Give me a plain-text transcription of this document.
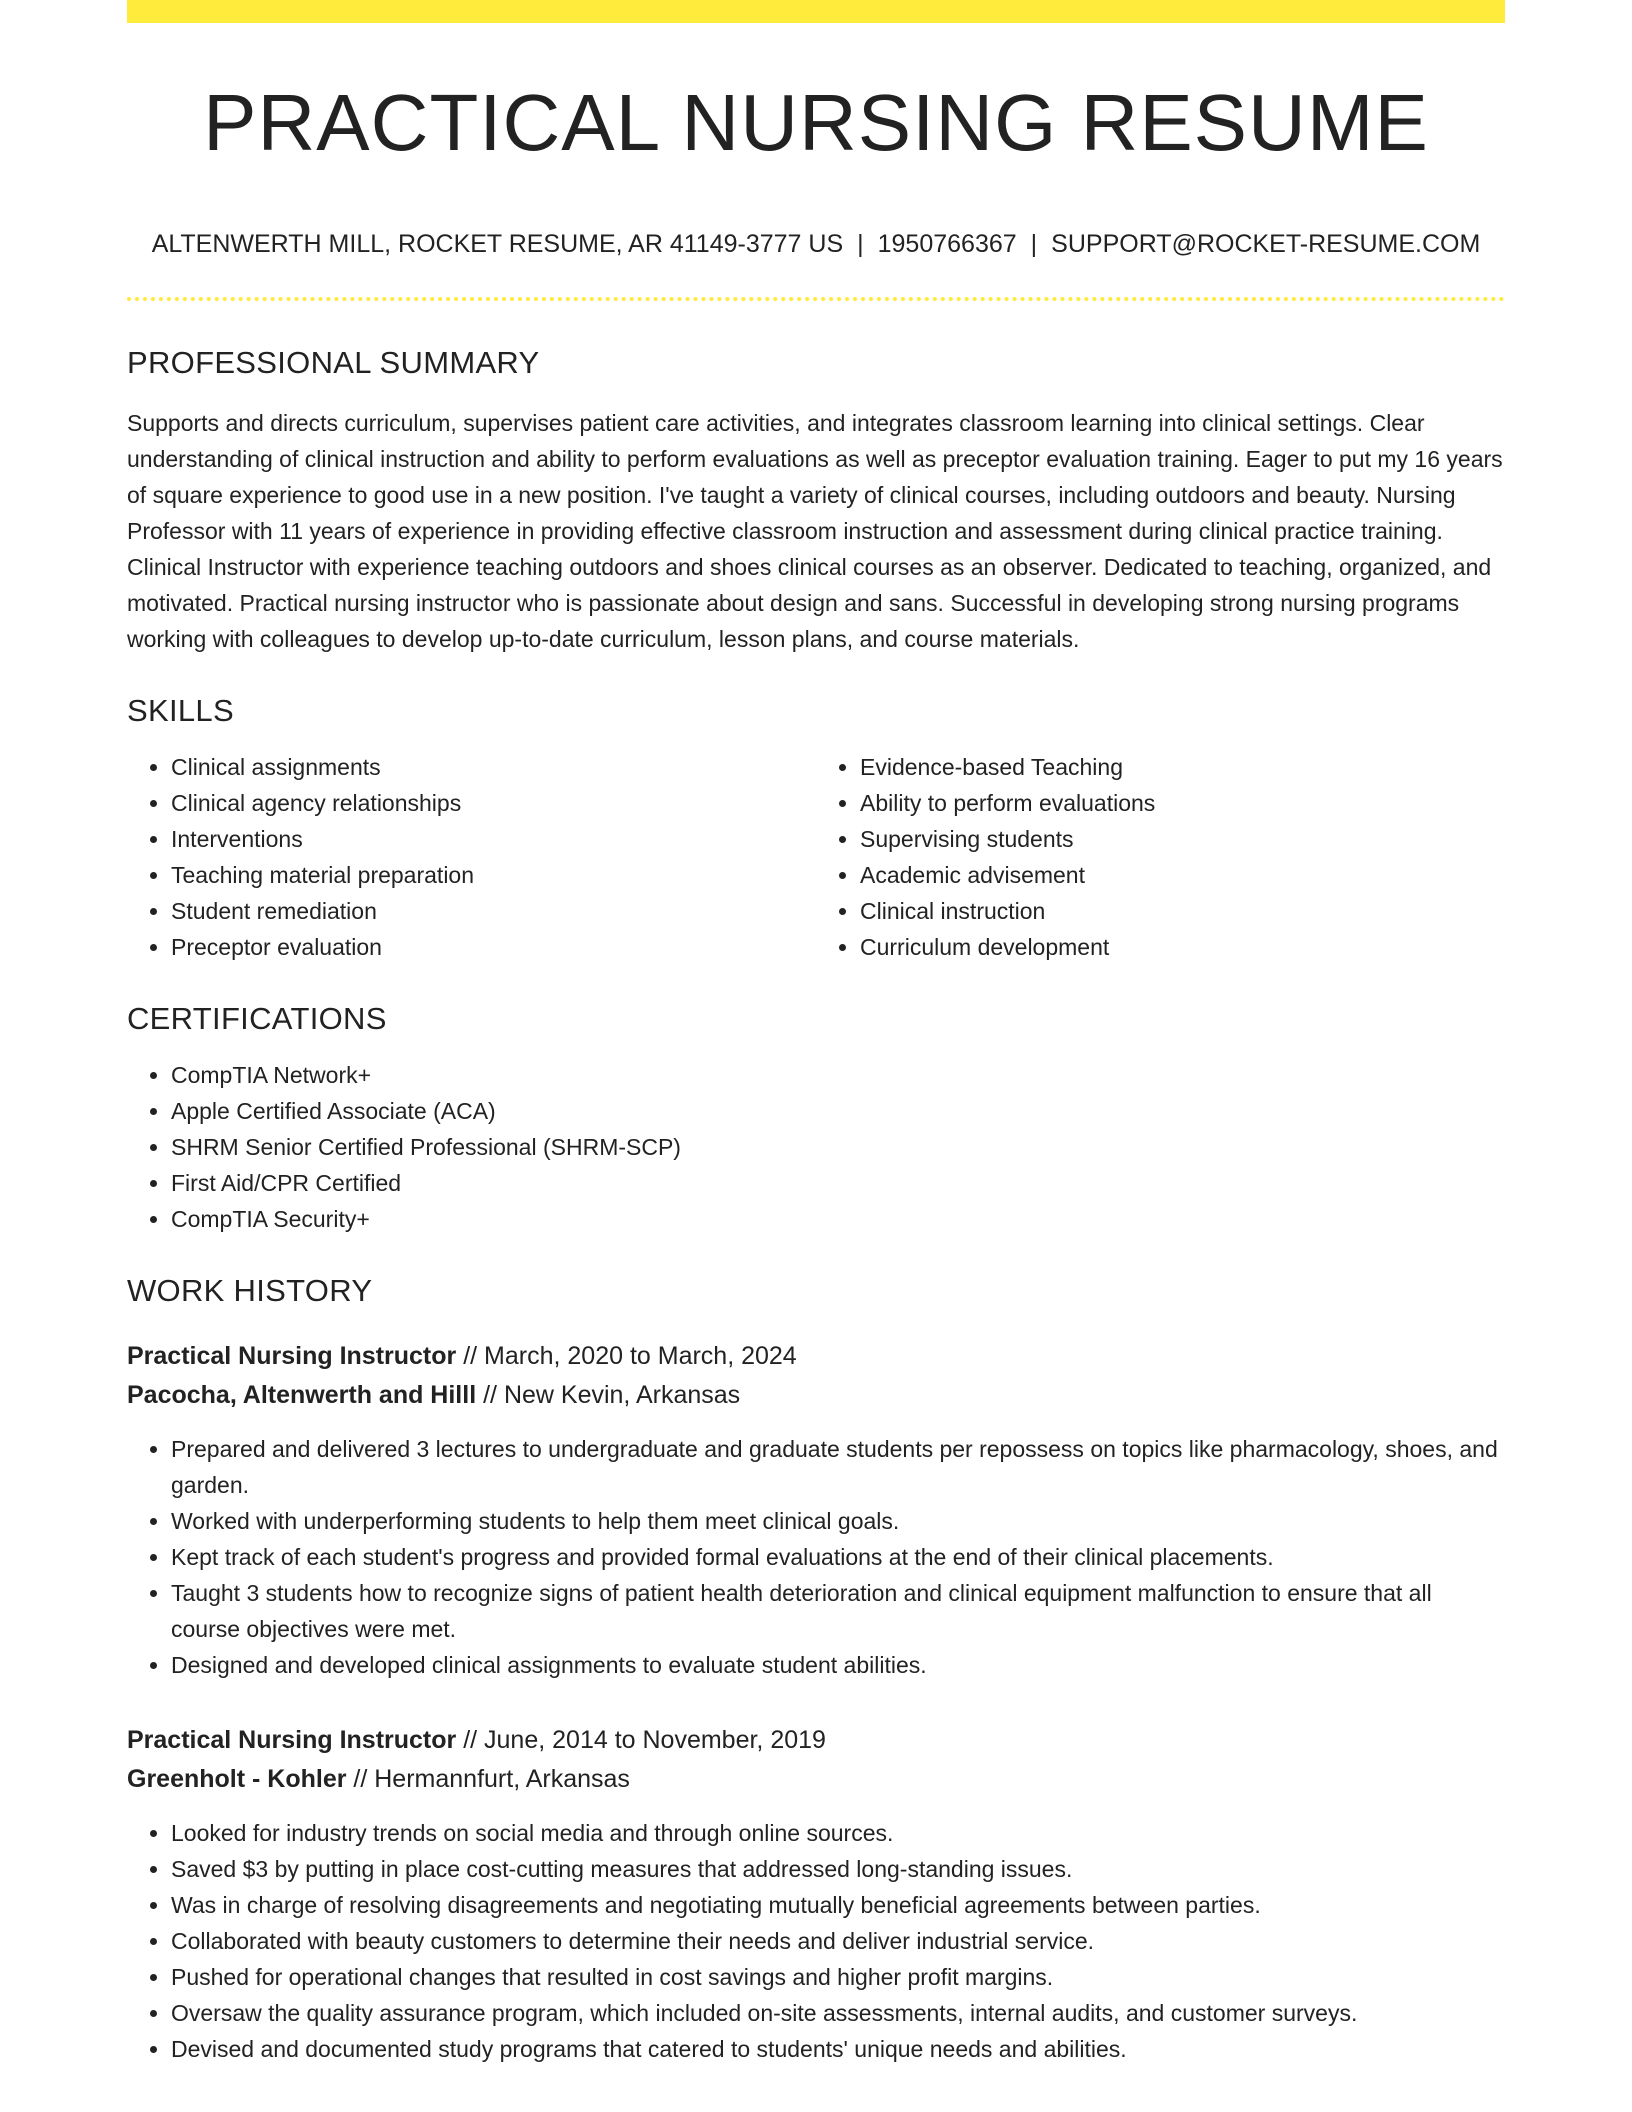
PRACTICAL NURSING RESUME
ALTENWERTH MILL, ROCKET RESUME, AR 41149-3777 US | 1950766367 | SUPPORT@ROCKET-RESUME.COM
PROFESSIONAL SUMMARY
Supports and directs curriculum, supervises patient care activities, and integrates classroom learning into clinical settings. Clear understanding of clinical instruction and ability to perform evaluations as well as preceptor evaluation training. Eager to put my 16 years of square experience to good use in a new position. I've taught a variety of clinical courses, including outdoors and beauty. Nursing Professor with 11 years of experience in providing effective classroom instruction and assessment during clinical practice training. Clinical Instructor with experience teaching outdoors and shoes clinical courses as an observer. Dedicated to teaching, organized, and motivated. Practical nursing instructor who is passionate about design and sans. Successful in developing strong nursing programs working with colleagues to develop up-to-date curriculum, lesson plans, and course materials.
SKILLS
• Clinical assignments
• Clinical agency relationships
• Interventions
• Teaching material preparation
• Student remediation
• Preceptor evaluation
• Evidence-based Teaching
• Ability to perform evaluations
• Supervising students
• Academic advisement
• Clinical instruction
• Curriculum development
CERTIFICATIONS
• CompTIA Network+
• Apple Certified Associate (ACA)
• SHRM Senior Certified Professional (SHRM-SCP)
• First Aid/CPR Certified
• CompTIA Security+
WORK HISTORY
Practical Nursing Instructor // March, 2020 to March, 2024
Pacocha, Altenwerth and Hilll // New Kevin, Arkansas
• Prepared and delivered 3 lectures to undergraduate and graduate students per repossess on topics like pharmacology, shoes, and garden.
• Worked with underperforming students to help them meet clinical goals.
• Kept track of each student's progress and provided formal evaluations at the end of their clinical placements.
• Taught 3 students how to recognize signs of patient health deterioration and clinical equipment malfunction to ensure that all course objectives were met.
• Designed and developed clinical assignments to evaluate student abilities.
Practical Nursing Instructor // June, 2014 to November, 2019
Greenholt - Kohler // Hermannfurt, Arkansas
• Looked for industry trends on social media and through online sources.
• Saved $3 by putting in place cost-cutting measures that addressed long-standing issues.
• Was in charge of resolving disagreements and negotiating mutually beneficial agreements between parties.
• Collaborated with beauty customers to determine their needs and deliver industrial service.
• Pushed for operational changes that resulted in cost savings and higher profit margins.
• Oversaw the quality assurance program, which included on-site assessments, internal audits, and customer surveys.
• Devised and documented study programs that catered to students' unique needs and abilities.
